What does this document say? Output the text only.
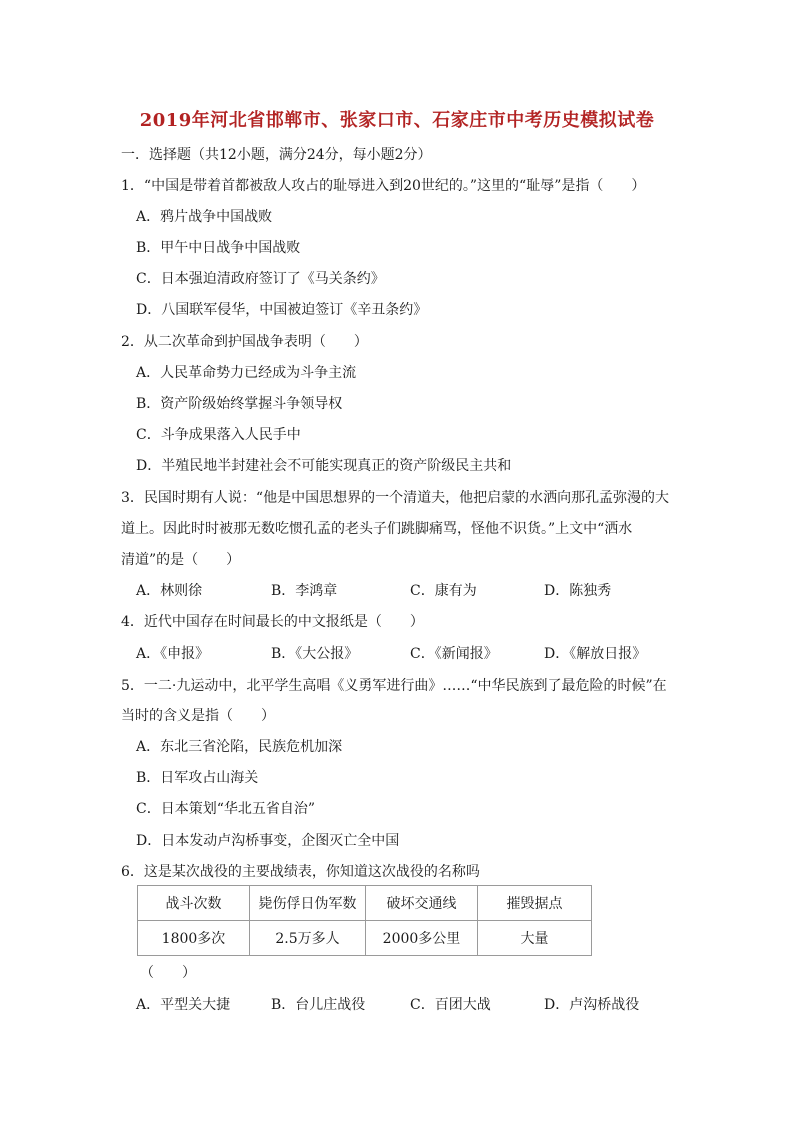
2019年河北省邯郸市、张家口市、石家庄市中考历史模拟试卷
一．选择题（共12小题，满分24分，每小题2分）
1．“中国是带着首都被敌人攻占的耻辱进入到20世纪的。”这里的“耻辱”是指（　　）
A．鸦片战争中国战败
B．甲午中日战争中国战败
C．日本强迫清政府签订了《马关条约》
D．八国联军侵华，中国被迫签订《辛丑条约》
2．从二次革命到护国战争表明（　　）
A．人民革命势力已经成为斗争主流
B．资产阶级始终掌握斗争领导权
C．斗争成果落入人民手中
D．半殖民地半封建社会不可能实现真正的资产阶级民主共和
3．民国时期有人说：“他是中国思想界的一个清道夫，他把启蒙的水洒向那孔孟弥漫的大
道上。因此时时被那无数吃惯孔孟的老头子们跳脚痛骂，怪他不识货。”上文中“洒水
清道”的是（　　）
A．林则徐	B．李鸿章	C．康有为	D．陈独秀
4．近代中国存在时间最长的中文报纸是（　　）
A．《申报》	B．《大公报》	C．《新闻报》	D．《解放日报》
5．一二·九运动中，北平学生高唱《义勇军进行曲》……“中华民族到了最危险的时候”在
当时的含义是指（　　）
A．东北三省沦陷，民族危机加深
B．日军攻占山海关
C．日本策划“华北五省自治”
D．日本发动卢沟桥事变，企图灭亡全中国
6．这是某次战役的主要战绩表，你知道这次战役的名称吗
战斗次数	毙伤俘日伪军数	破坏交通线	摧毁据点
1800多次	2.5万多人	2000多公里	大量
（　　）
A．平型关大捷	B．台儿庄战役	C．百团大战	D．卢沟桥战役
